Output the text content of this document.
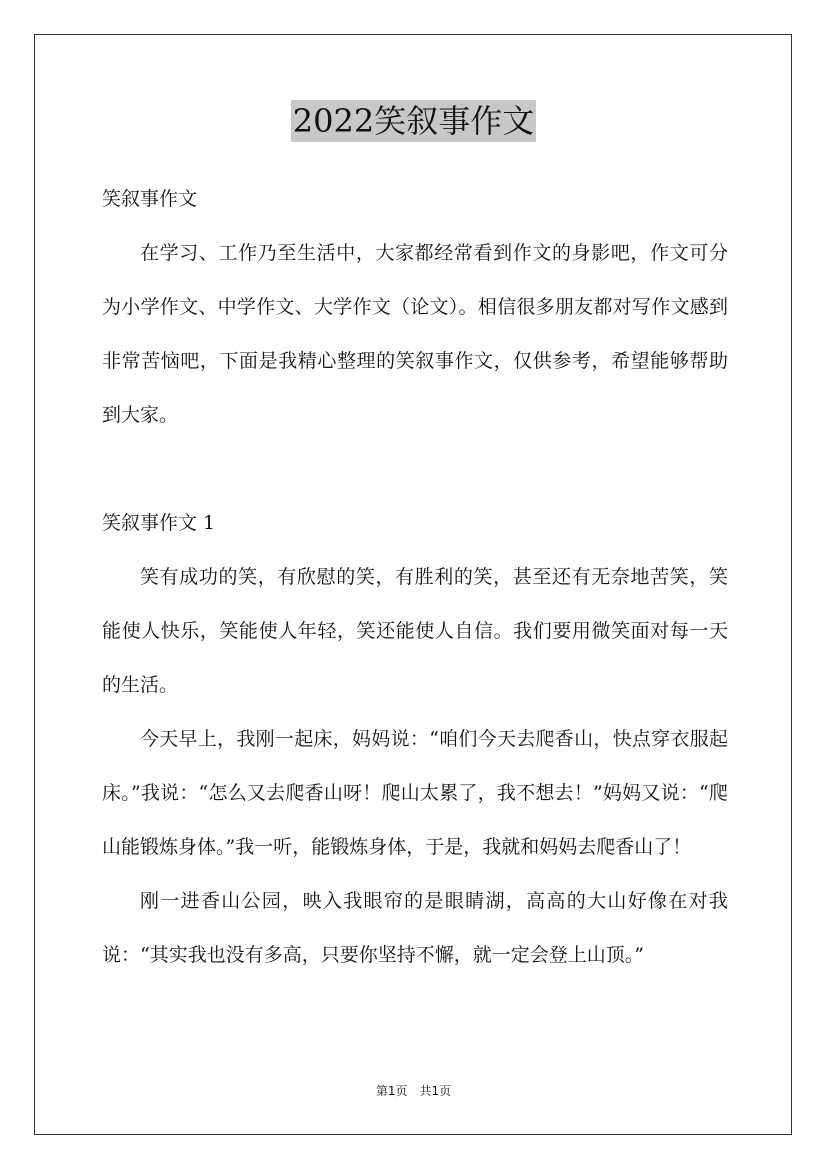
2022笑叙事作文

笑叙事作文

在学习、工作乃至生活中，大家都经常看到作文的身影吧，作文可分为小学作文、中学作文、大学作文（论文）。相信很多朋友都对写作文感到非常苦恼吧，下面是我精心整理的笑叙事作文，仅供参考，希望能够帮助到大家。

笑叙事作文 1

笑有成功的笑，有欣慰的笑，有胜利的笑，甚至还有无奈地苦笑，笑能使人快乐，笑能使人年轻，笑还能使人自信。我们要用微笑面对每一天的生活。

今天早上，我刚一起床，妈妈说：“咱们今天去爬香山，快点穿衣服起床。”我说：“怎么又去爬香山呀！爬山太累了，我不想去！”妈妈又说：“爬山能锻炼身体。”我一听，能锻炼身体，于是，我就和妈妈去爬香山了！

刚一进香山公园，映入我眼帘的是眼睛湖，高高的大山好像在对我说：“其实我也没有多高，只要你坚持不懈，就一定会登上山顶。”

第1页　共1页
